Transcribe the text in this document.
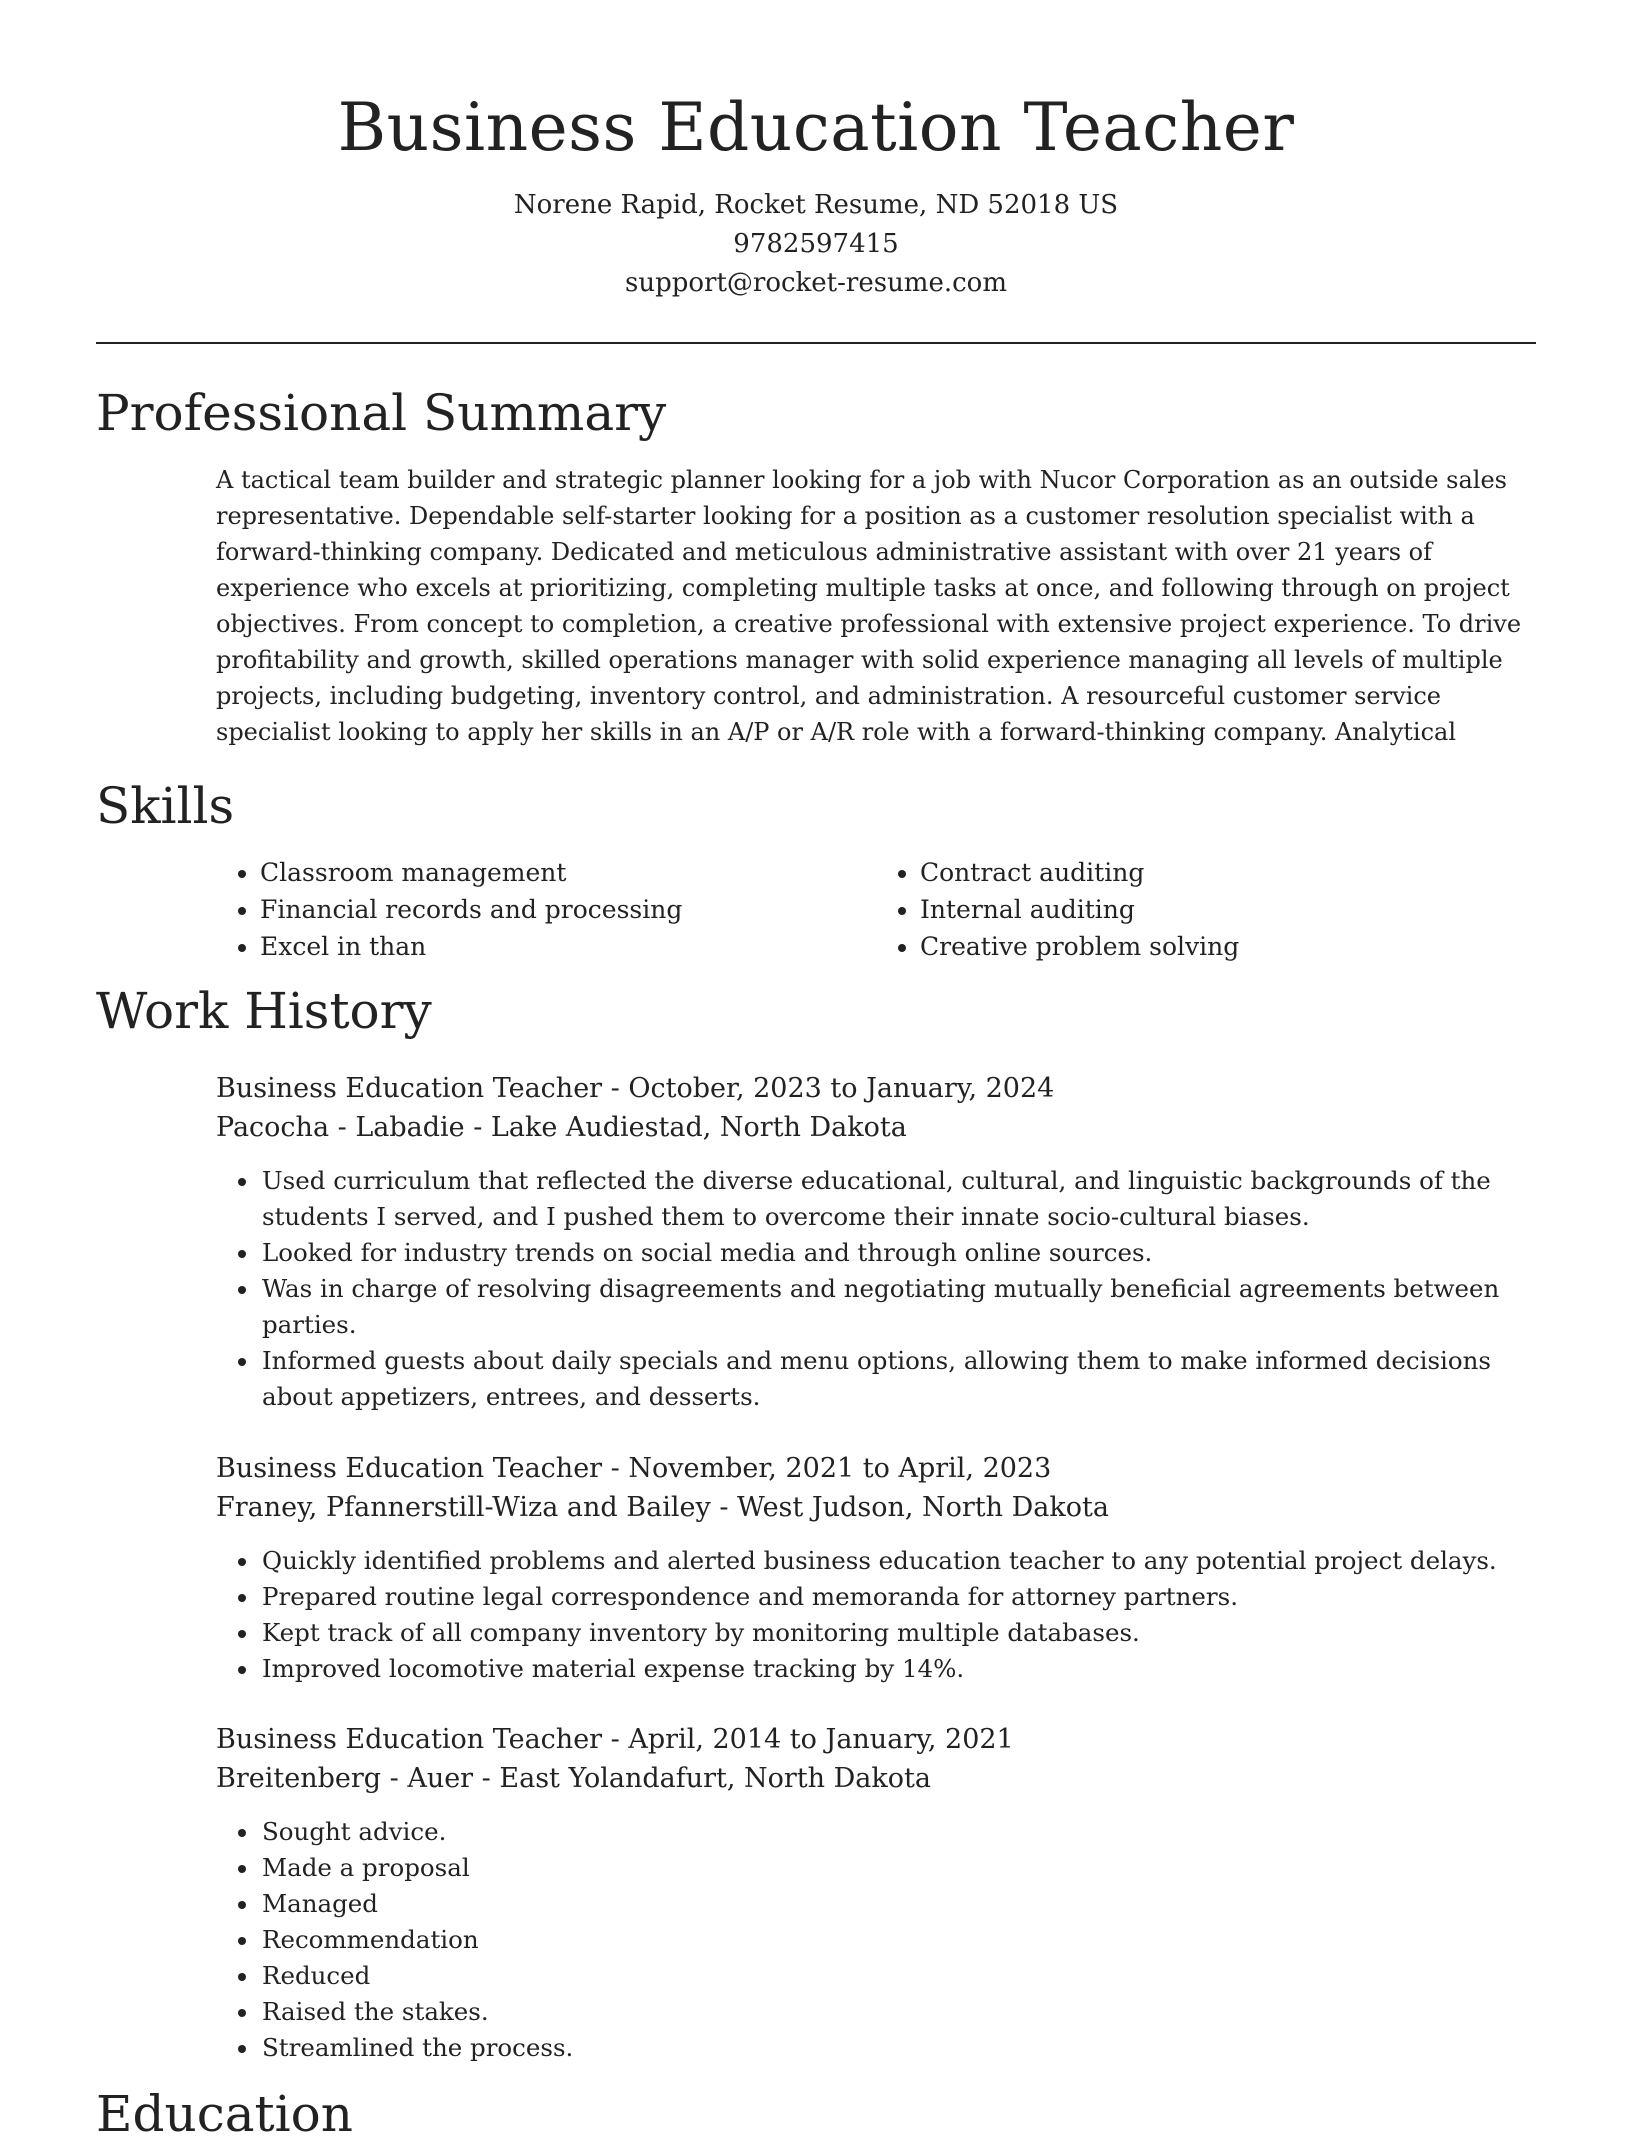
Business Education Teacher
Norene Rapid, Rocket Resume, ND 52018 US
9782597415
support@rocket-resume.com
Professional Summary

A tactical team builder and strategic planner looking for a job with Nucor Corporation as an outside sales representative. Dependable self-starter looking for a position as a customer resolution specialist with a forward-thinking company. Dedicated and meticulous administrative assistant with over 21 years of experience who excels at prioritizing, completing multiple tasks at once, and following through on project objectives. From concept to completion, a creative professional with extensive project experience. To drive profitability and growth, skilled operations manager with solid experience managing all levels of multiple projects, including budgeting, inventory control, and administration. A resourceful customer service specialist looking to apply her skills in an A/P or A/R role with a forward-thinking company. Analytical

Skills
• Classroom management
• Financial records and processing
• Excel in than
• Contract auditing
• Internal auditing
• Creative problem solving
Work History

Business Education Teacher - October, 2023 to January, 2024

Pacocha - Labadie - Lake Audiestad, North Dakota

• Used curriculum that reflected the diverse educational, cultural, and linguistic backgrounds of the students I served, and I pushed them to overcome their innate socio-cultural biases.
• Looked for industry trends on social media and through online sources.
• Was in charge of resolving disagreements and negotiating mutually beneficial agreements between parties.
• Informed guests about daily specials and menu options, allowing them to make informed decisions about appetizers, entrees, and desserts.

Business Education Teacher - November, 2021 to April, 2023

Franey, Pfannerstill-Wiza and Bailey - West Judson, North Dakota

• Quickly identified problems and alerted business education teacher to any potential project delays.
• Prepared routine legal correspondence and memoranda for attorney partners.
• Kept track of all company inventory by monitoring multiple databases.
• Improved locomotive material expense tracking by 14%.

Business Education Teacher - April, 2014 to January, 2021

Breitenberg - Auer - East Yolandafurt, North Dakota

• Sought advice.
• Made a proposal
• Managed
• Recommendation
• Reduced
• Raised the stakes.
• Streamlined the process.
Education
